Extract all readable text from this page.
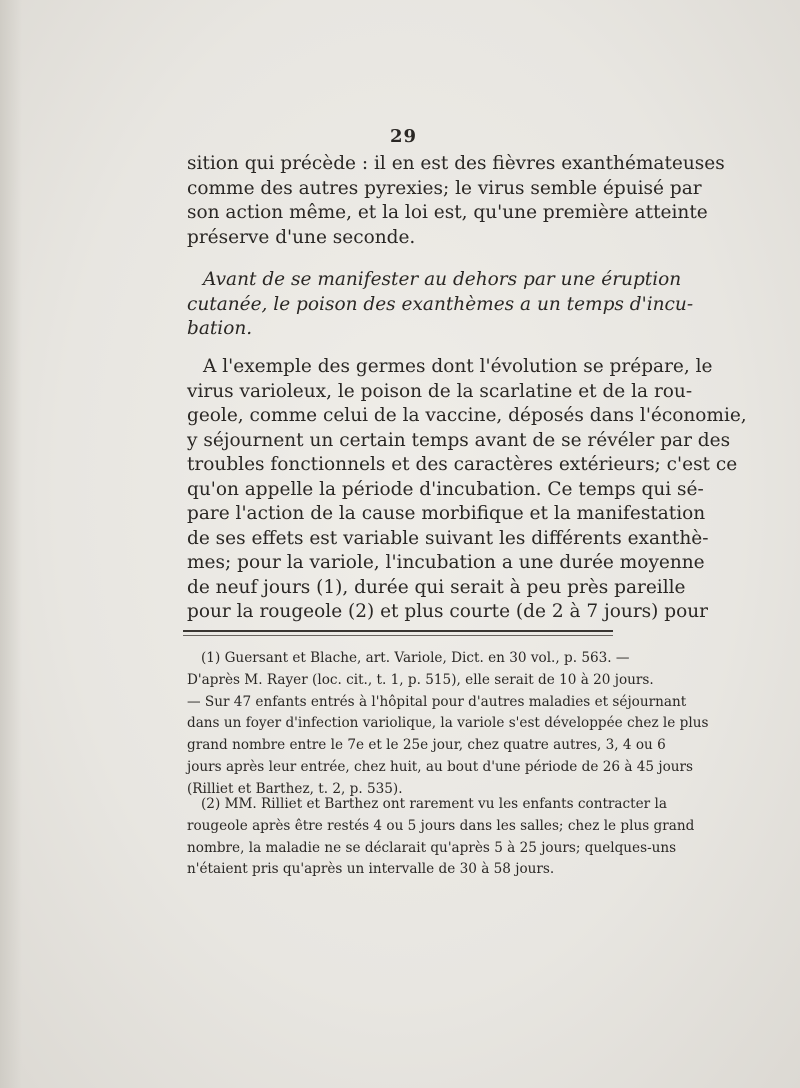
29
sition qui précède : il en est des fièvres exanthémateuses
comme des autres pyrexies; le virus semble épuisé par
son action même, et la loi est, qu'une première atteinte
préserve d'une seconde.
Avant de se manifester au dehors par une éruption
cutanée, le poison des exanthèmes a un temps d'incu-
bation.
A l'exemple des germes dont l'évolution se prépare, le
virus varioleux, le poison de la scarlatine et de la rou-
geole, comme celui de la vaccine, déposés dans l'économie,
y séjournent un certain temps avant de se révéler par des
troubles fonctionnels et des caractères extérieurs; c'est ce
qu'on appelle la période d'incubation. Ce temps qui sé-
pare l'action de la cause morbifique et la manifestation
de ses effets est variable suivant les différents exanthè-
mes; pour la variole, l'incubation a une durée moyenne
de neuf jours (1), durée qui serait à peu près pareille
pour la rougeole (2) et plus courte (de 2 à 7 jours) pour
(1) Guersant et Blache, art. Variole, Dict. en 30 vol., p. 563. —
D'après M. Rayer (loc. cit., t. 1, p. 515), elle serait de 10 à 20 jours.
— Sur 47 enfants entrés à l'hôpital pour d'autres maladies et séjournant
dans un foyer d'infection variolique, la variole s'est développée chez le plus
grand nombre entre le 7e et le 25e jour, chez quatre autres, 3, 4 ou 6
jours après leur entrée, chez huit, au bout d'une période de 26 à 45 jours
(Rilliet et Barthez, t. 2, p. 535).
(2) MM. Rilliet et Barthez ont rarement vu les enfants contracter la
rougeole après être restés 4 ou 5 jours dans les salles; chez le plus grand
nombre, la maladie ne se déclarait qu'après 5 à 25 jours; quelques-uns
n'étaient pris qu'après un intervalle de 30 à 58 jours.
